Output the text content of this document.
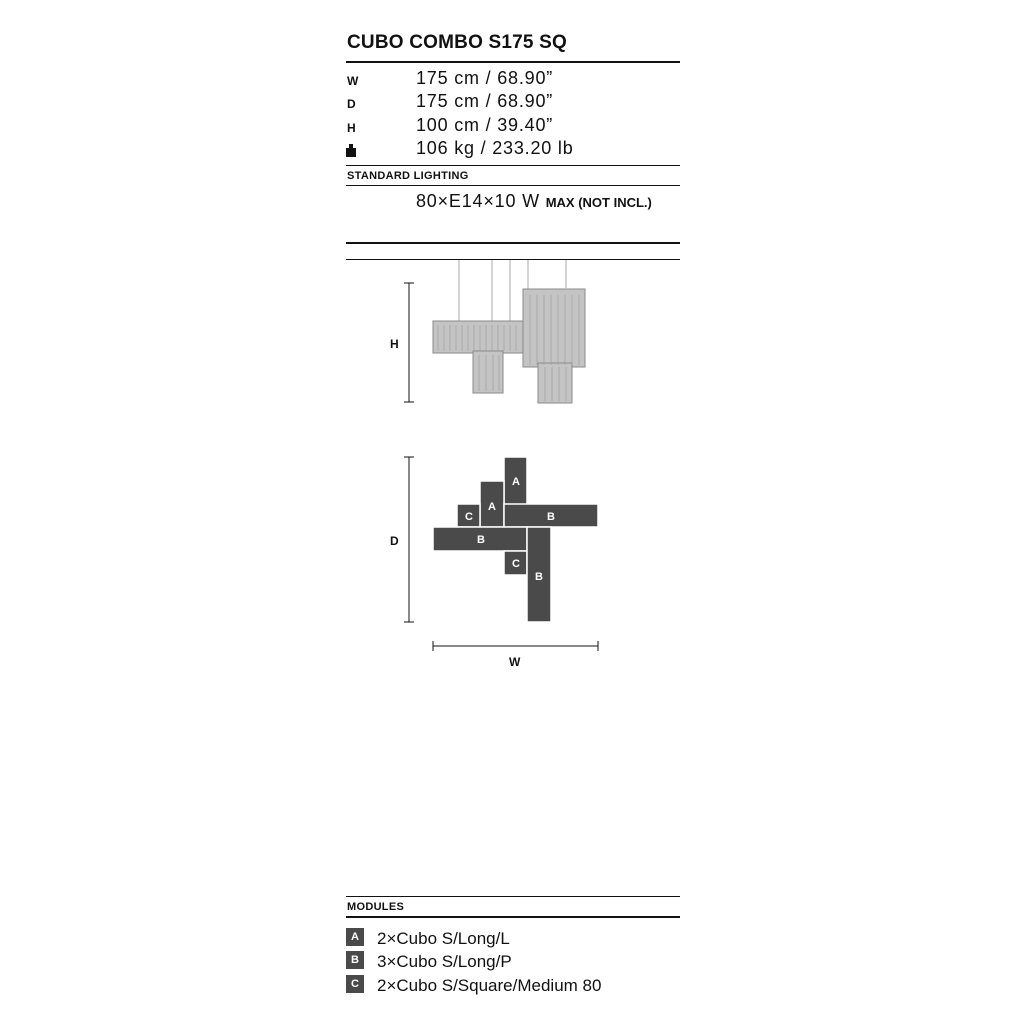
CUBO COMBO S175 SQ
W	175 cm / 68.90”
D	175 cm / 68.90”
H	100 cm / 39.40”
106 kg / 233.20 lb
STANDARD LIGHTING
80×E14×10 W MAX (NOT INCL.)
H
A
A
C	B
B
C
B
D
W
MODULES
A 2×Cubo S/Long/L
B 3×Cubo S/Long/P
C 2×Cubo S/Square/Medium 80
